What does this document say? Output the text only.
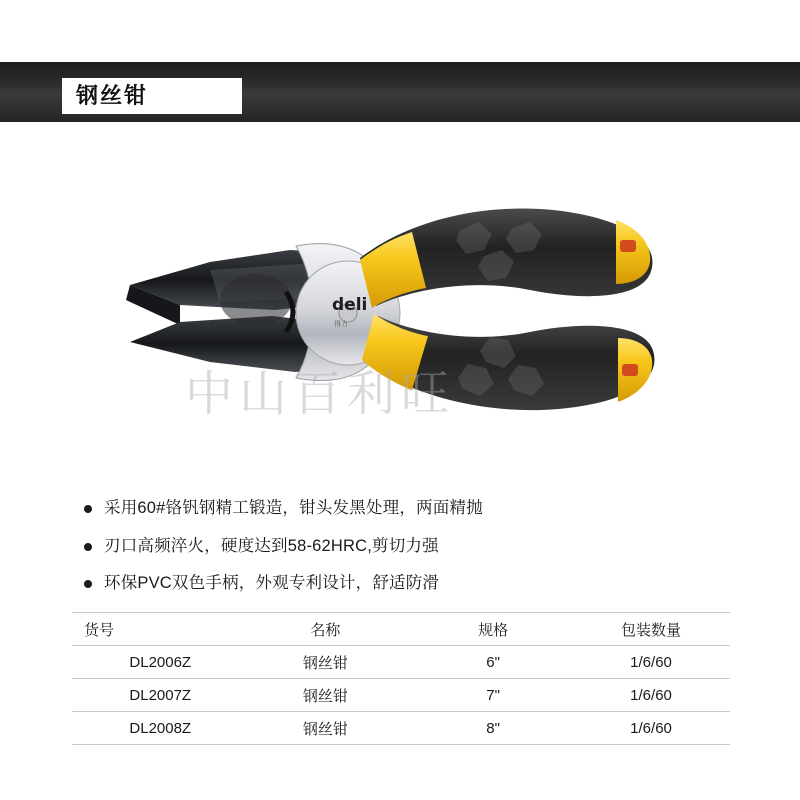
钢丝钳
deli
得力
中山百利旺
采用60#铬钒钢精工锻造，钳头发黑处理，两面精抛
刃口高频淬火，硬度达到58-62HRC,剪切力强
环保PVC双色手柄，外观专利设计，舒适防滑
货号	名称	规格	包装数量
DL2006Z	钢丝钳	6"	1/6/60
DL2007Z	钢丝钳	7"	1/6/60
DL2008Z	钢丝钳	8"	1/6/60
